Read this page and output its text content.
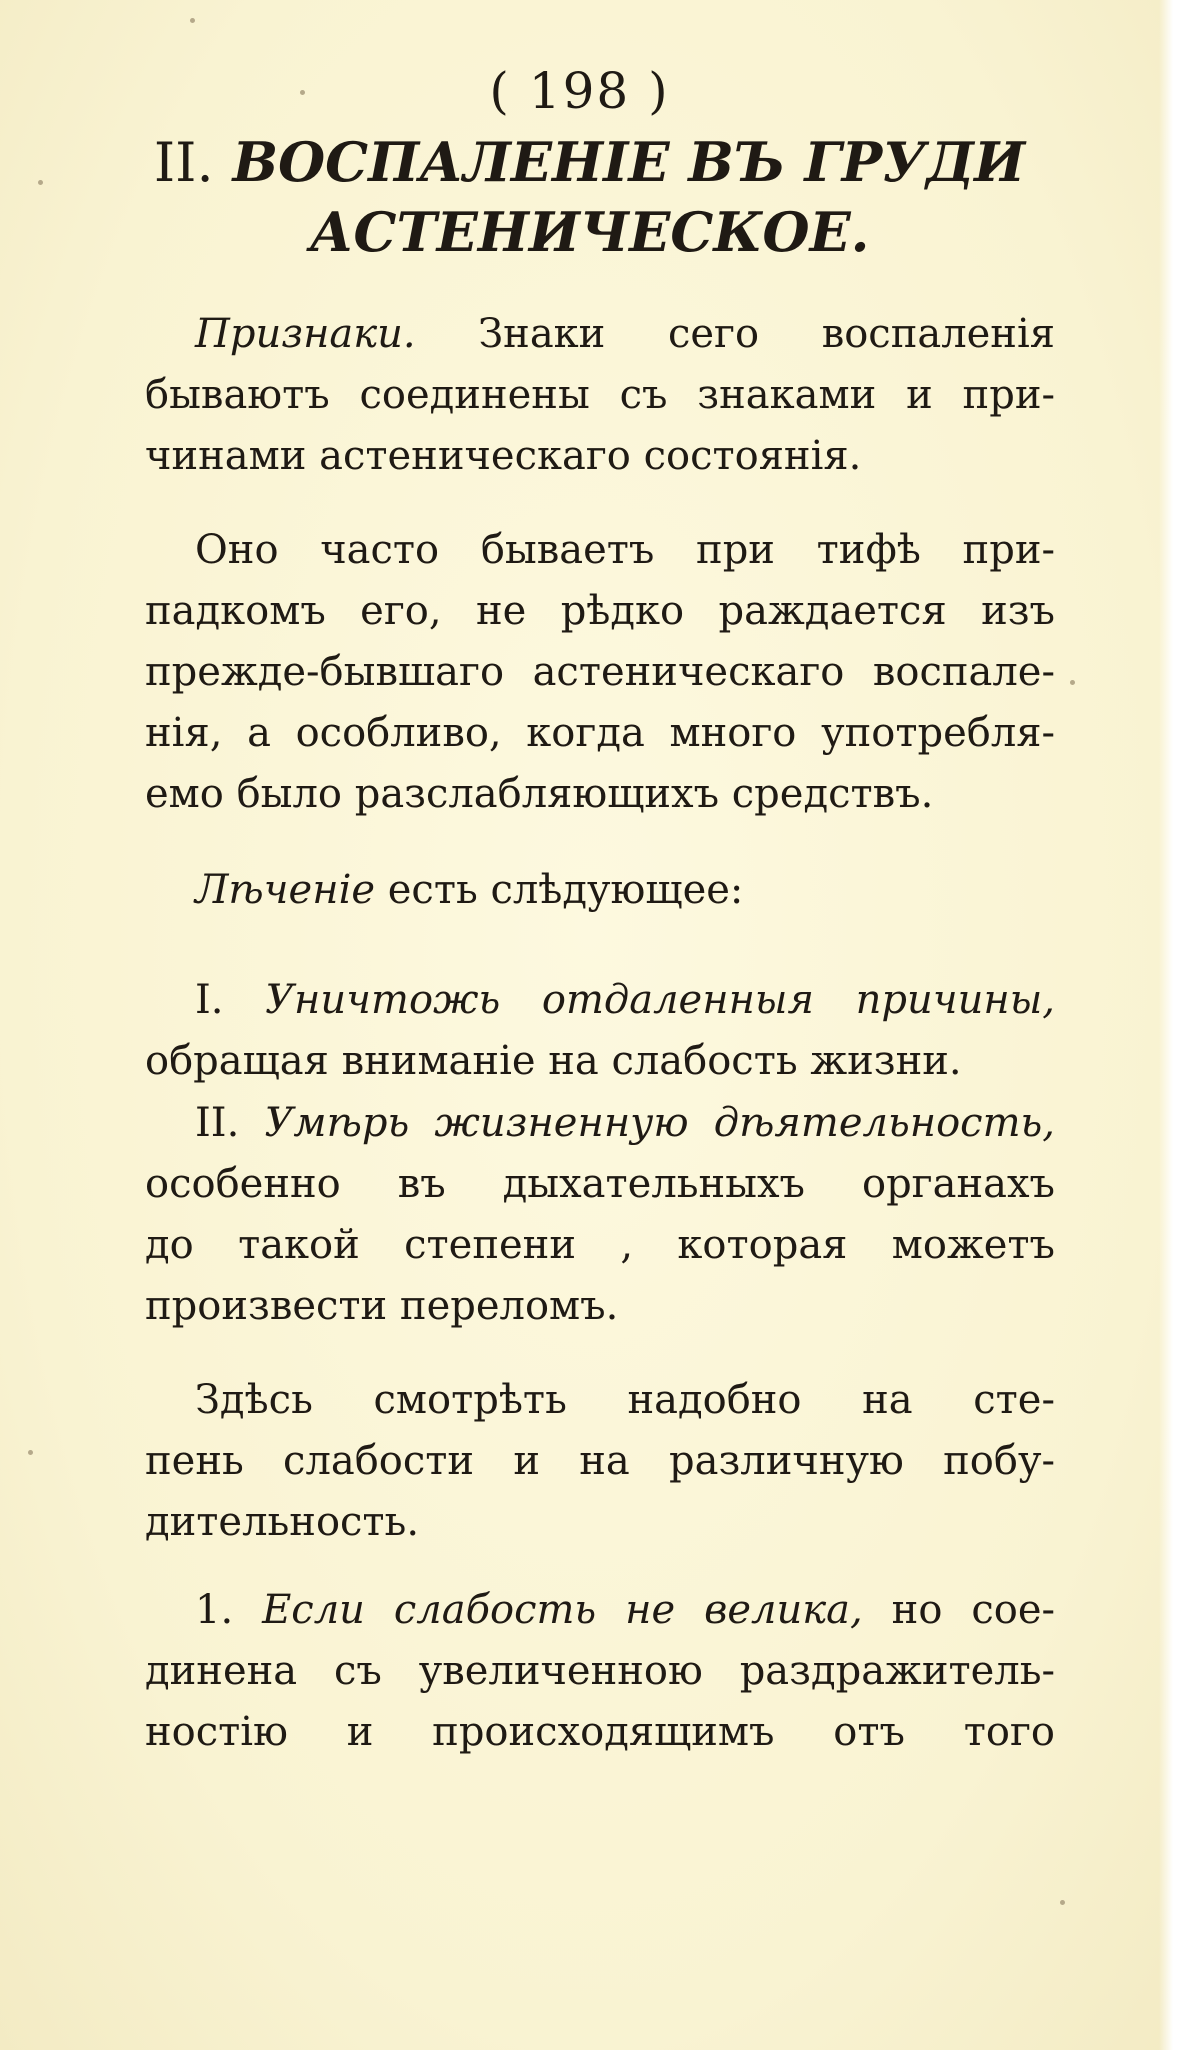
( 198 )
II. ВОСПАЛЕНІЕ ВЪ ГРУДИ
АСТЕНИЧЕСКОЕ.
Признаки. Знаки сего воспаленія
бываютъ соединены съ знаками и при-
чинами астеническаго состоянія.
Оно часто бываетъ при тифѣ при-
падкомъ его, не рѣдко раждается изъ
прежде-бывшаго астеническаго воспале-
нія, а особливо, когда много употребля-
емо было разслабляющихъ средствъ.
Лѣченіе есть слѣдующее:
I. Уничтожь отдаленныя причины,
обращая вниманіе на слабость жизни.
II. Умѣрь жизненную дѣятельность,
особенно въ дыхательныхъ органахъ
до такой степени , которая можетъ
произвести переломъ.
Здѣсь смотрѣть надобно на сте-
пень слабости и на различную побу-
дительность.
1. Если слабость не велика, но сое-
динена съ увеличенною раздражитель-
ностію и происходящимъ отъ того
